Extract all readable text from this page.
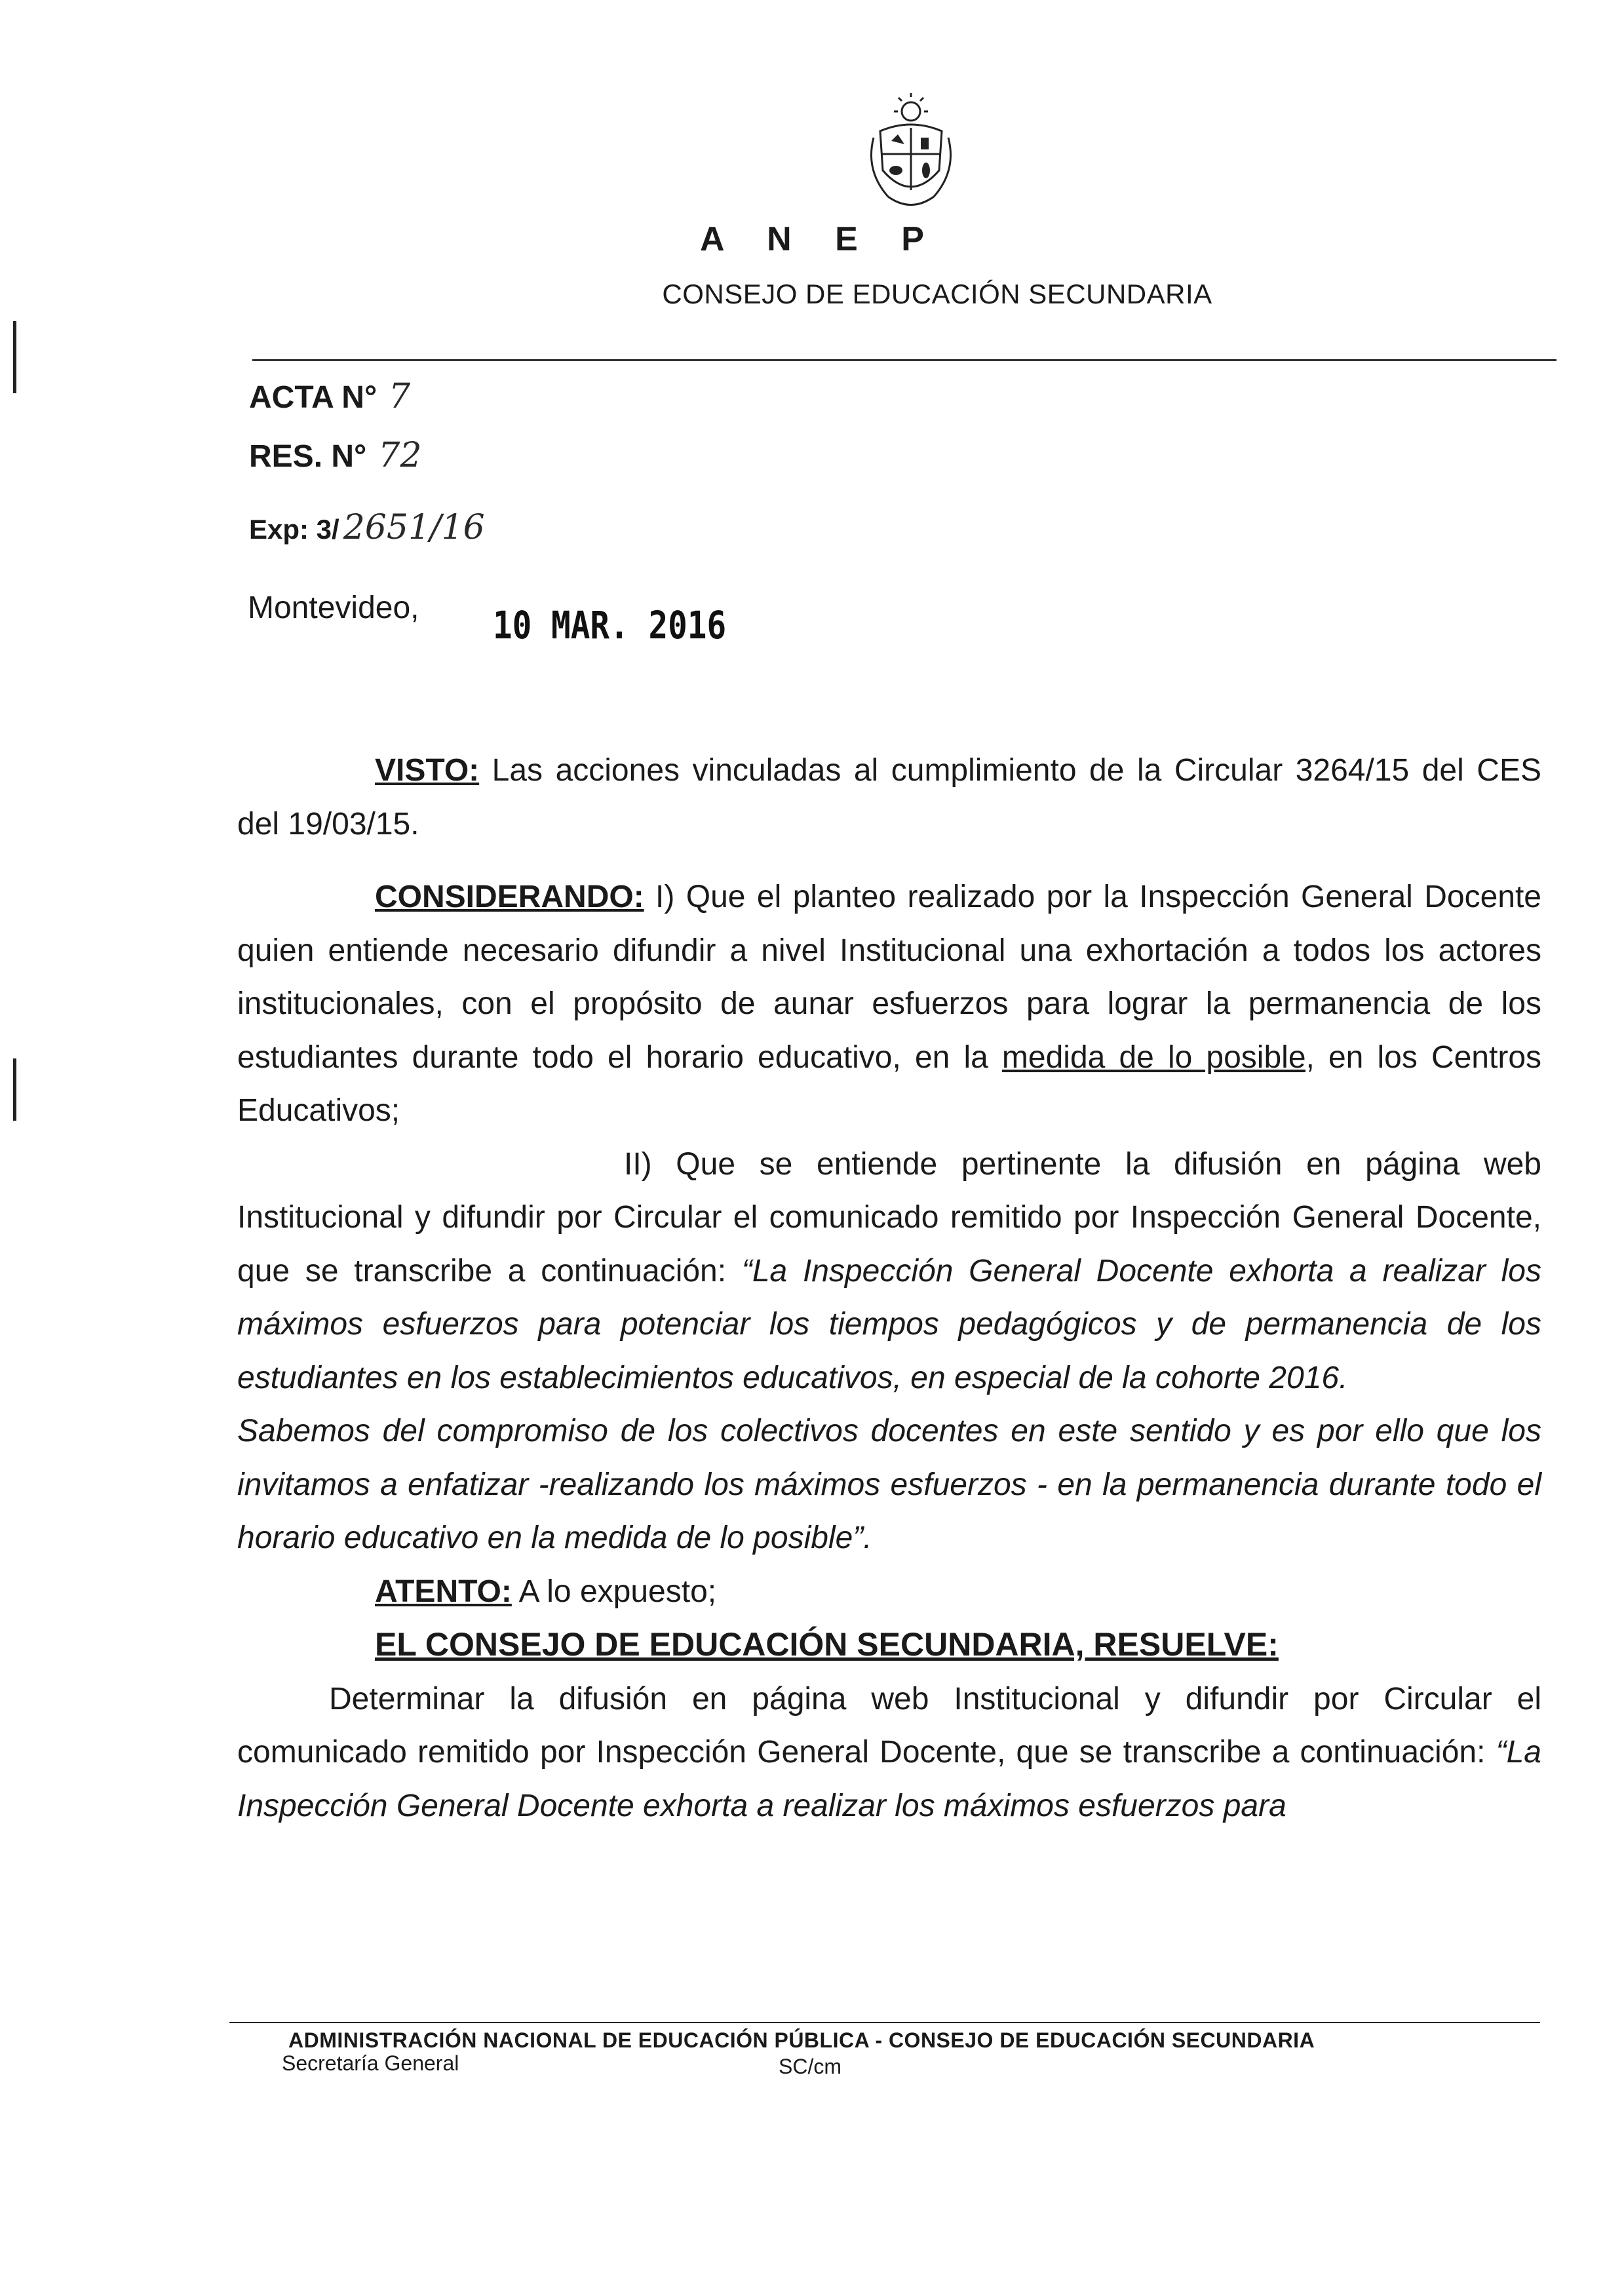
A N E P
CONSEJO DE EDUCACIÓN SECUNDARIA
ACTA N° 7
RES. N° 72
Exp: 3/ 2651/16
Montevideo, 10 MAR. 2016

VISTO: Las acciones vinculadas al cumplimiento de la Circular 3264/15 del CES del 19/03/15.

CONSIDERANDO: I) Que el planteo realizado por la Inspección General Docente quien entiende necesario difundir a nivel Institucional una exhortación a todos los actores institucionales, con el propósito de aunar esfuerzos para lograr la permanencia de los estudiantes durante todo el horario educativo, en la medida de lo posible, en los Centros Educativos;

II) Que se entiende pertinente la difusión en página web Institucional y difundir por Circular el comunicado remitido por Inspección General Docente, que se transcribe a continuación: “La Inspección General Docente exhorta a realizar los máximos esfuerzos para potenciar los tiempos pedagógicos y de permanencia de los estudiantes en los establecimientos educativos, en especial de la cohorte 2016.

Sabemos del compromiso de los colectivos docentes en este sentido y es por ello que los invitamos a enfatizar -realizando los máximos esfuerzos - en la permanencia durante todo el horario educativo en la medida de lo posible”.

ATENTO: A lo expuesto;

EL CONSEJO DE EDUCACIÓN SECUNDARIA, RESUELVE:

Determinar la difusión en página web Institucional y difundir por Circular el comunicado remitido por Inspección General Docente, que se transcribe a continuación: “La Inspección General Docente exhorta a realizar los máximos esfuerzos para

ADMINISTRACIÓN NACIONAL DE EDUCACIÓN PÚBLICA - CONSEJO DE EDUCACIÓN SECUNDARIA
Secretaría General	SC/cm
